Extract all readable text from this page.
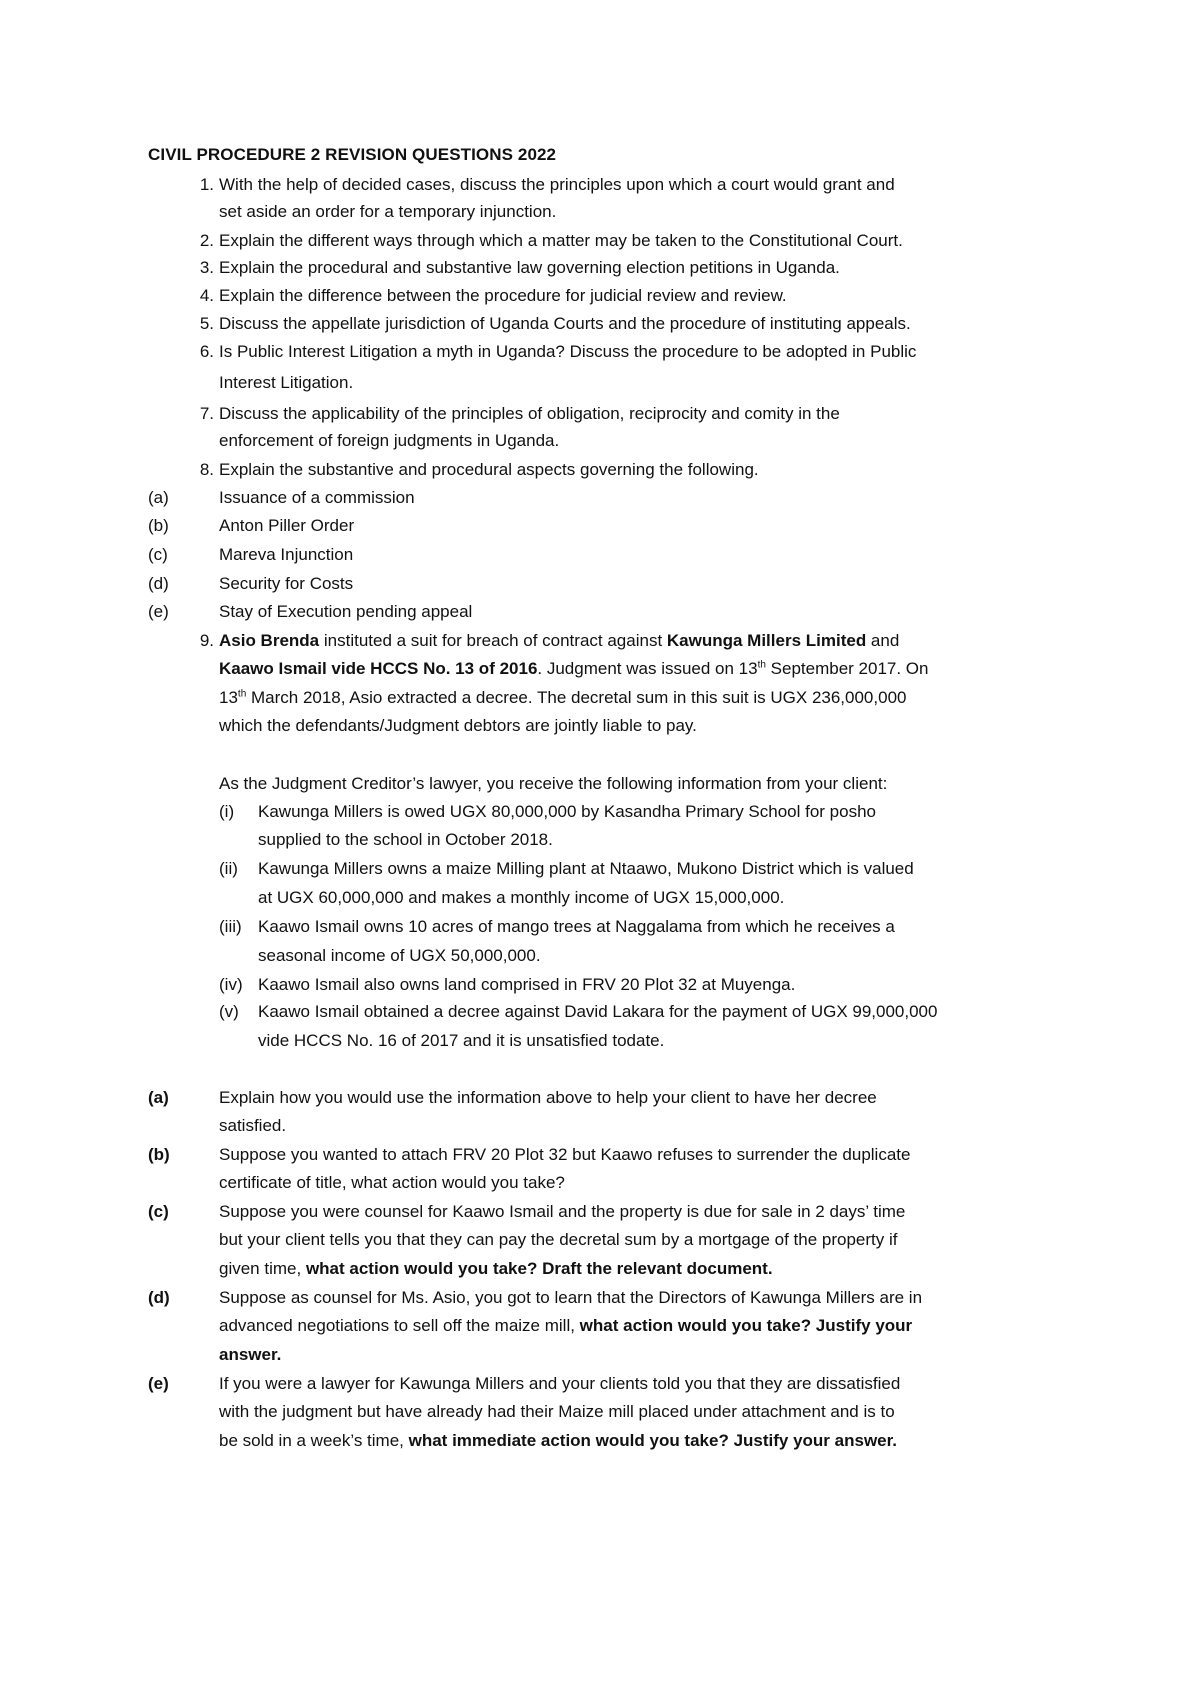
CIVIL PROCEDURE 2 REVISION QUESTIONS 2022
1. With the help of decided cases, discuss the principles upon which a court would grant and
set aside an order for a temporary injunction.
2. Explain the different ways through which a matter may be taken to the Constitutional Court.
3. Explain the procedural and substantive law governing election petitions in Uganda.
4. Explain the difference between the procedure for judicial review and review.
5. Discuss the appellate jurisdiction of Uganda Courts and the procedure of instituting appeals.
6. Is Public Interest Litigation a myth in Uganda? Discuss the procedure to be adopted in Public
Interest Litigation.
7. Discuss the applicability of the principles of obligation, reciprocity and comity in the
enforcement of foreign judgments in Uganda.
8. Explain the substantive and procedural aspects governing the following.
(a)	Issuance of a commission
(b)	Anton Piller Order
(c)	Mareva Injunction
(d)	Security for Costs
(e)	Stay of Execution pending appeal
9. Asio Brenda instituted a suit for breach of contract against Kawunga Millers Limited and
Kaawo Ismail vide HCCS No. 13 of 2016. Judgment was issued on 13th September 2017. On
13th March 2018, Asio extracted a decree. The decretal sum in this suit is UGX 236,000,000
which the defendants/Judgment debtors are jointly liable to pay.
As the Judgment Creditor’s lawyer, you receive the following information from your client:
(i)	Kawunga Millers is owed UGX 80,000,000 by Kasandha Primary School for posho
supplied to the school in October 2018.
(ii)	Kawunga Millers owns a maize Milling plant at Ntaawo, Mukono District which is valued
at UGX 60,000,000 and makes a monthly income of UGX 15,000,000.
(iii) Kaawo Ismail owns 10 acres of mango trees at Naggalama from which he receives a
seasonal income of UGX 50,000,000.
(iv) Kaawo Ismail also owns land comprised in FRV 20 Plot 32 at Muyenga.
(v)	Kaawo Ismail obtained a decree against David Lakara for the payment of UGX 99,000,000
vide HCCS No. 16 of 2017 and it is unsatisfied todate.
(a)	Explain how you would use the information above to help your client to have her decree
satisfied.
(b)	Suppose you wanted to attach FRV 20 Plot 32 but Kaawo refuses to surrender the duplicate
certificate of title, what action would you take?
(c)	Suppose you were counsel for Kaawo Ismail and the property is due for sale in 2 days’ time
but your client tells you that they can pay the decretal sum by a mortgage of the property if
given time, what action would you take? Draft the relevant document.
(d)	Suppose as counsel for Ms. Asio, you got to learn that the Directors of Kawunga Millers are in
advanced negotiations to sell off the maize mill, what action would you take? Justify your
answer.
(e)	If you were a lawyer for Kawunga Millers and your clients told you that they are dissatisfied
with the judgment but have already had their Maize mill placed under attachment and is to
be sold in a week’s time, what immediate action would you take? Justify your answer.
